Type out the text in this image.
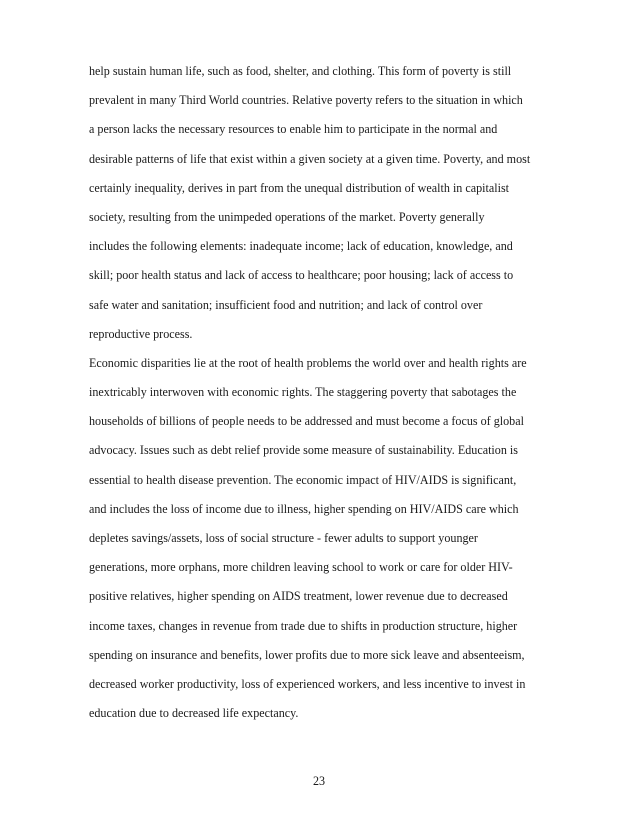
help sustain human life, such as food, shelter, and clothing. This form of poverty is still
prevalent in many Third World countries. Relative poverty refers to the situation in which
a person lacks the necessary resources to enable him to participate in the normal and
desirable patterns of life that exist within a given society at a given time. Poverty, and most
certainly inequality, derives in part from the unequal distribution of wealth in capitalist
society, resulting from the unimpeded operations of the market. Poverty generally
includes the following elements: inadequate income; lack of education, knowledge, and
skill; poor health status and lack of access to healthcare; poor housing; lack of access to
safe water and sanitation; insufficient food and nutrition; and lack of control over
reproductive process.
Economic disparities lie at the root of health problems the world over and health rights are
inextricably interwoven with economic rights. The staggering poverty that sabotages the
households of billions of people needs to be addressed and must become a focus of global
advocacy. Issues such as debt relief provide some measure of sustainability. Education is
essential to health disease prevention. The economic impact of HIV/AIDS is significant,
and includes the loss of income due to illness, higher spending on HIV/AIDS care which
depletes savings/assets, loss of social structure - fewer adults to support younger
generations, more orphans, more children leaving school to work or care for older HIV-
positive relatives, higher spending on AIDS treatment, lower revenue due to decreased
income taxes, changes in revenue from trade due to shifts in production structure, higher
spending on insurance and benefits, lower profits due to more sick leave and absenteeism,
decreased worker productivity, loss of experienced workers, and less incentive to invest in
education due to decreased life expectancy.
23
